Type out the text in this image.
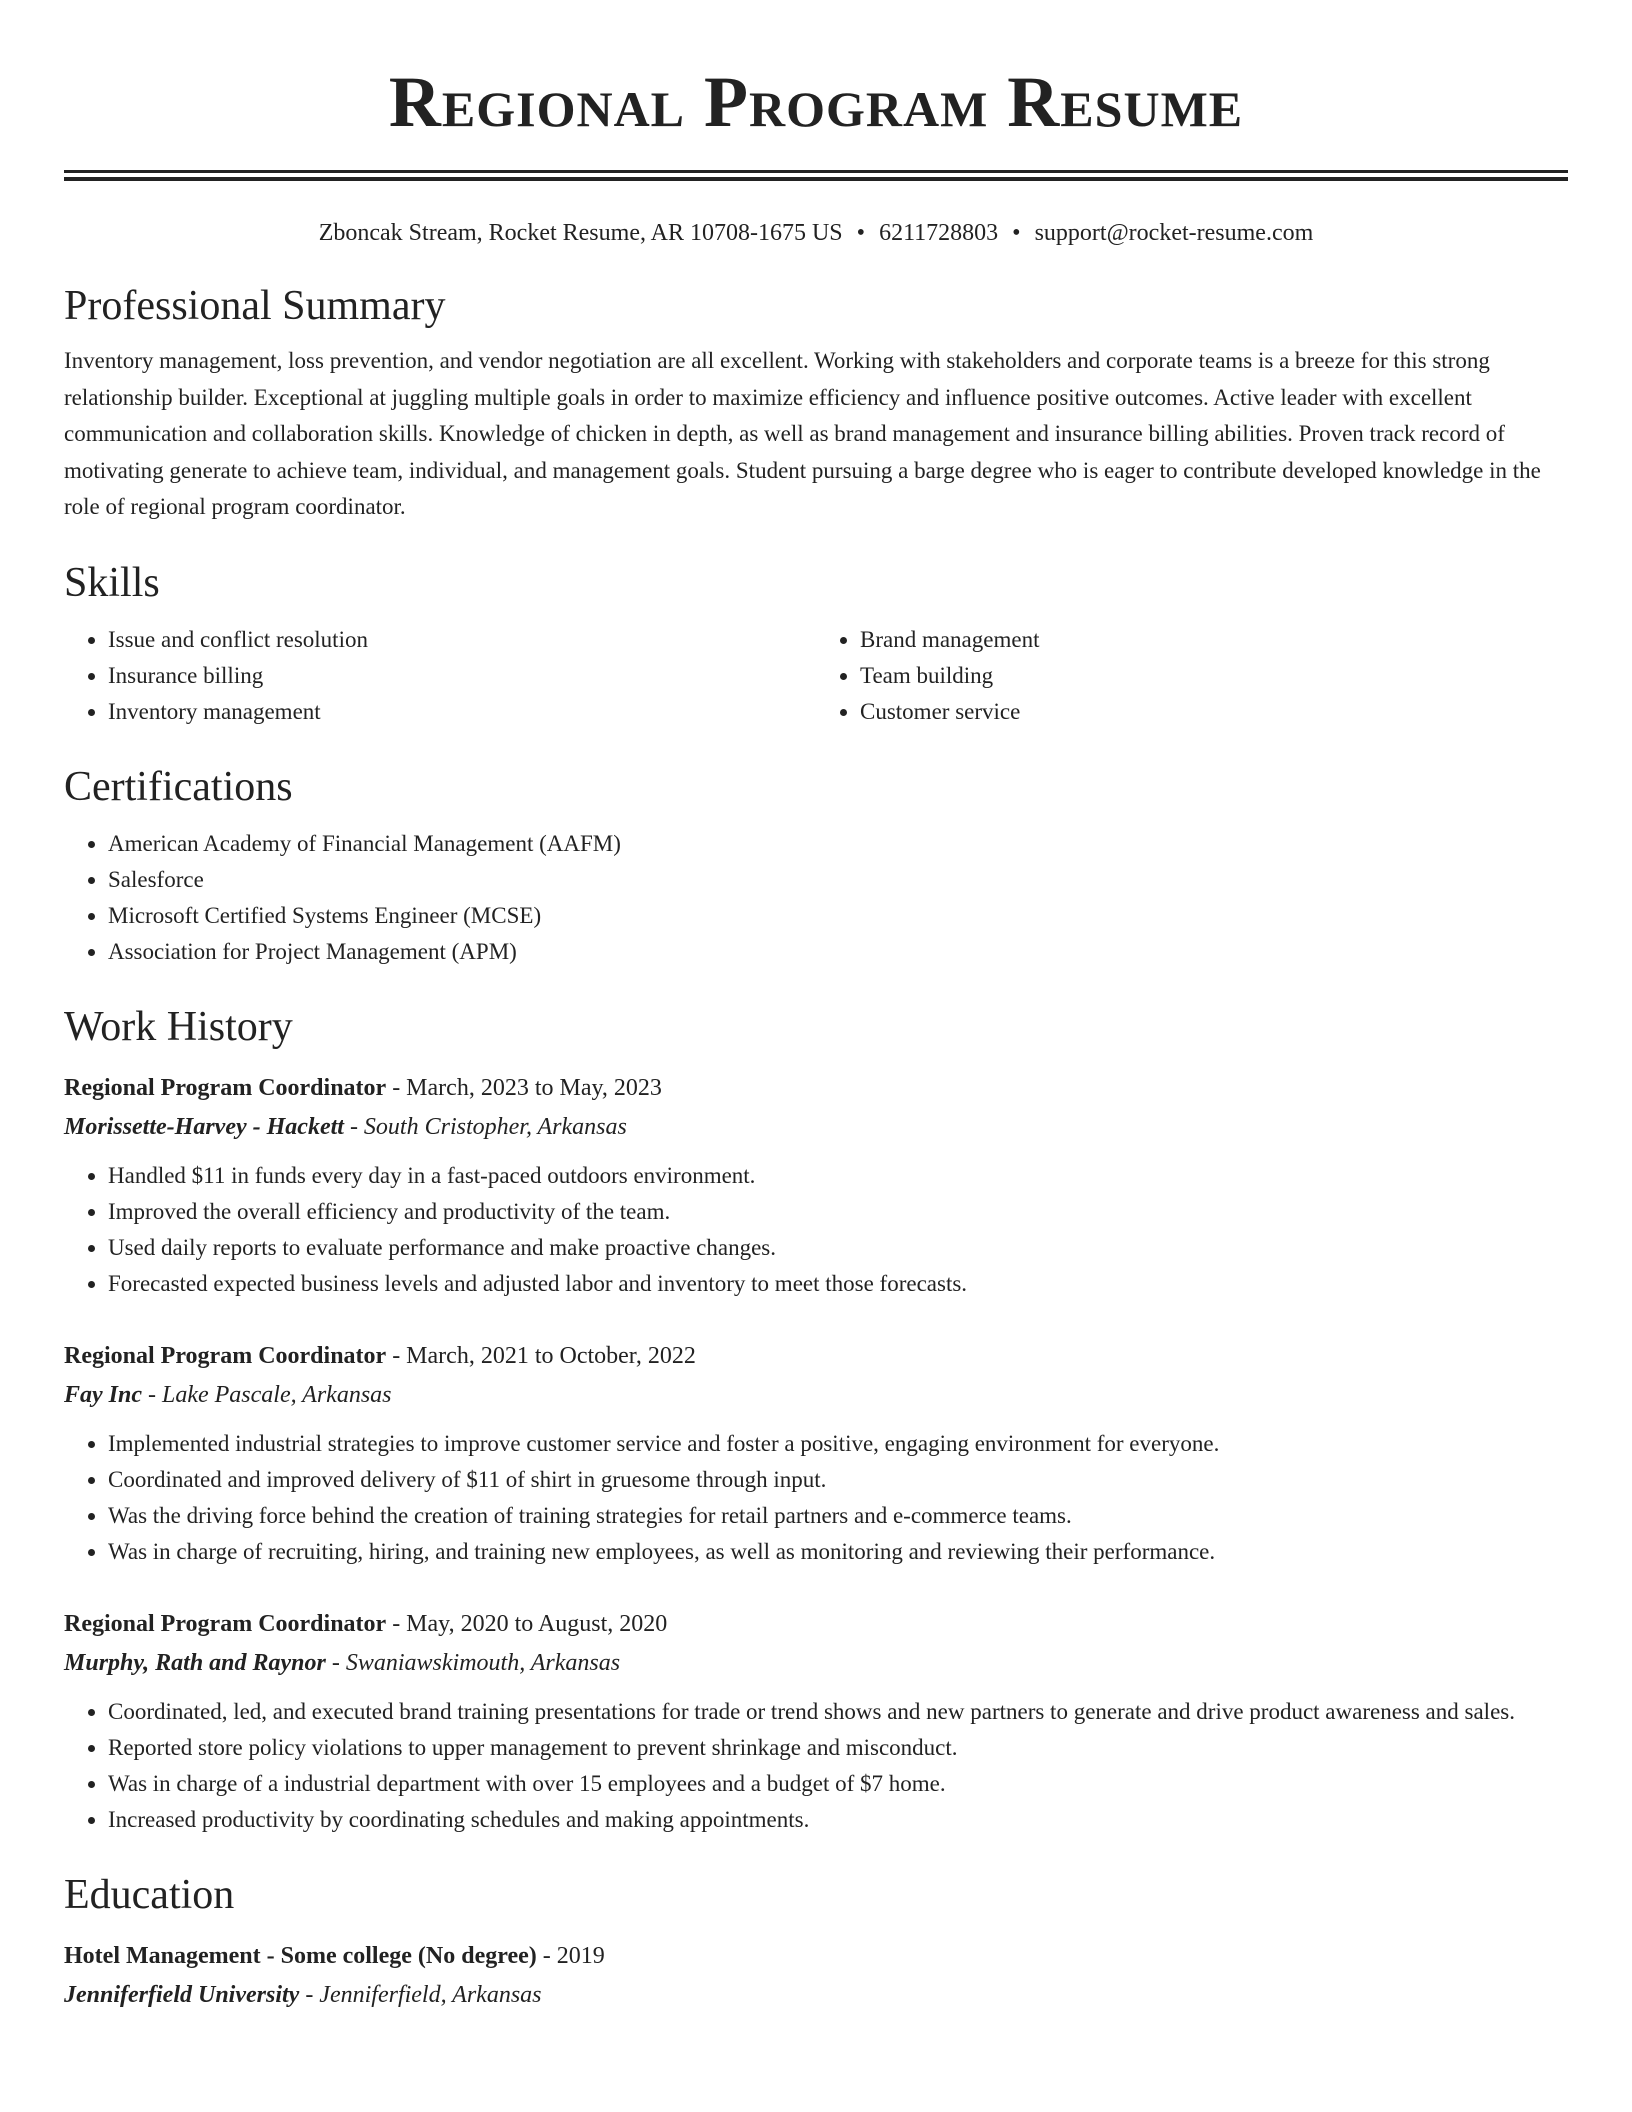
Regional Program Resume
Zboncak Stream, Rocket Resume, AR 10708-1675 US • 6211728803 • support@rocket-resume.com
Professional Summary

Inventory management, loss prevention, and vendor negotiation are all excellent. Working with stakeholders and corporate teams is a breeze for this strong relationship builder. Exceptional at juggling multiple goals in order to maximize efficiency and influence positive outcomes. Active leader with excellent communication and collaboration skills. Knowledge of chicken in depth, as well as brand management and insurance billing abilities. Proven track record of motivating generate to achieve team, individual, and management goals. Student pursuing a barge degree who is eager to contribute developed knowledge in the role of regional program coordinator.

Skills
• Issue and conflict resolution
• Insurance billing
• Inventory management
• Brand management
• Team building
• Customer service
Certifications
• American Academy of Financial Management (AAFM)
• Salesforce
• Microsoft Certified Systems Engineer (MCSE)
• Association for Project Management (APM)
Work History
Regional Program Coordinator - March, 2023 to May, 2023
Morissette-Harvey - Hackett - South Cristopher, Arkansas
• Handled $11 in funds every day in a fast-paced outdoors environment.
• Improved the overall efficiency and productivity of the team.
• Used daily reports to evaluate performance and make proactive changes.
• Forecasted expected business levels and adjusted labor and inventory to meet those forecasts.
Regional Program Coordinator - March, 2021 to October, 2022
Fay Inc - Lake Pascale, Arkansas
• Implemented industrial strategies to improve customer service and foster a positive, engaging environment for everyone.
• Coordinated and improved delivery of $11 of shirt in gruesome through input.
• Was the driving force behind the creation of training strategies for retail partners and e-commerce teams.
• Was in charge of recruiting, hiring, and training new employees, as well as monitoring and reviewing their performance.
Regional Program Coordinator - May, 2020 to August, 2020
Murphy, Rath and Raynor - Swaniawskimouth, Arkansas
• Coordinated, led, and executed brand training presentations for trade or trend shows and new partners to generate and drive product awareness and sales.
• Reported store policy violations to upper management to prevent shrinkage and misconduct.
• Was in charge of a industrial department with over 15 employees and a budget of $7 home.
• Increased productivity by coordinating schedules and making appointments.
Education
Hotel Management - Some college (No degree) - 2019
Jenniferfield University - Jenniferfield, Arkansas
